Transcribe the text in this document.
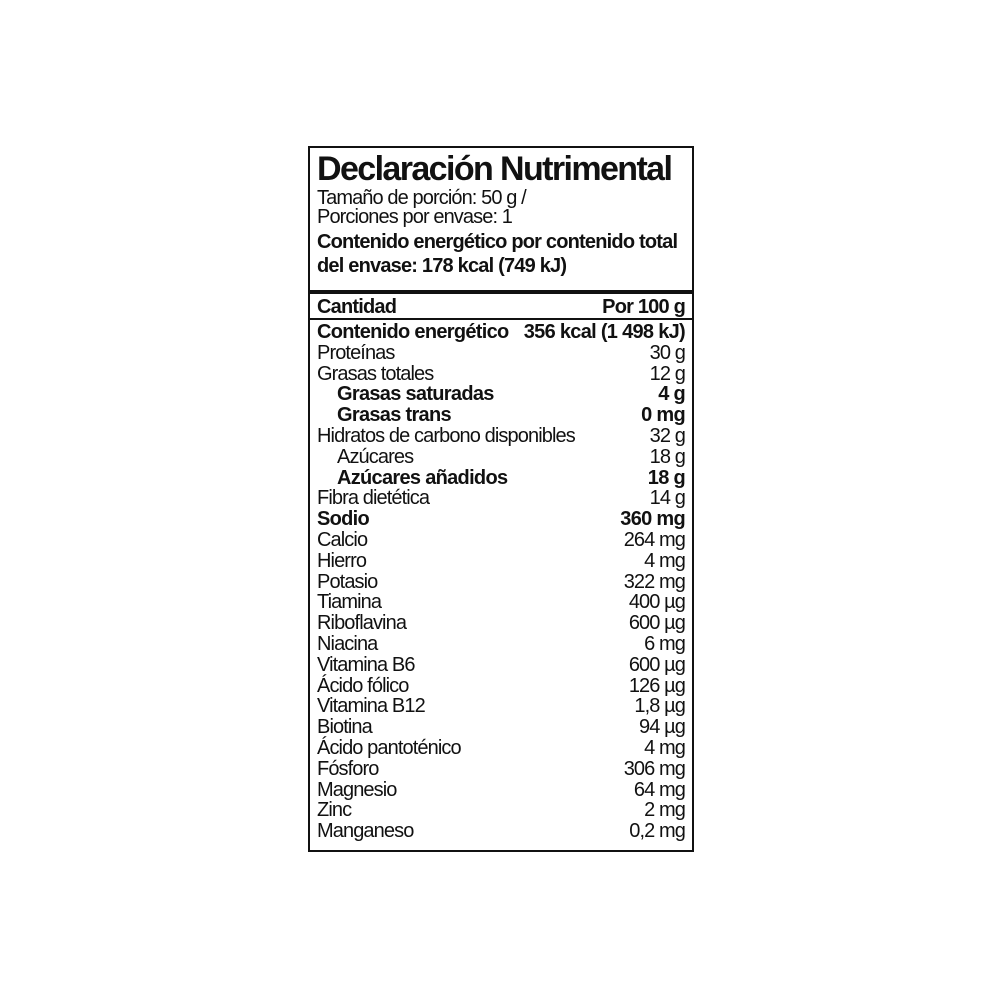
Declaración Nutrimental
Tamaño de porción: 50 g /
Porciones por envase: 1
Contenido energético por contenido total
del envase: 178 kcal (749 kJ)
Cantidad	Por 100 g
Contenido energético 356 kcal (1 498 kJ)
Proteínas	30 g
Grasas totales	12 g
Grasas saturadas	4 g
Grasas trans	0 mg
Hidratos de carbono disponibles	32 g
Azúcares	18 g
Azúcares añadidos	18 g
Fibra dietética	14 g
Sodio	360 mg
Calcio	264 mg
Hierro	4 mg
Potasio	322 mg
Tiamina	400 µg
Riboflavina	600 µg
Niacina	6 mg
Vitamina B6	600 µg
Ácido fólico	126 µg
Vitamina B12	1,8 µg
Biotina	94 µg
Ácido pantoténico	4 mg
Fósforo	306 mg
Magnesio	64 mg
Zinc	2 mg
Manganeso	0,2 mg
